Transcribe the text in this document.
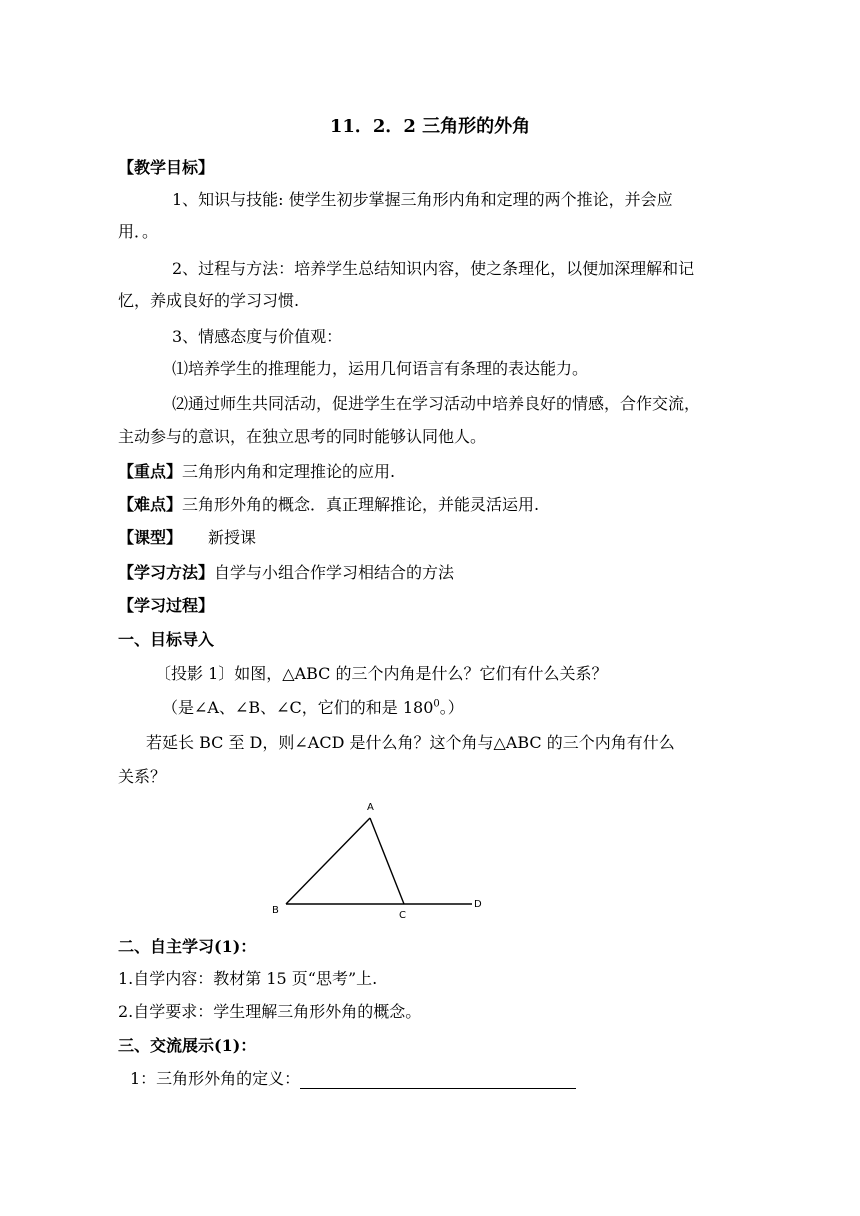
11．2．2 三角形的外角
【教学目标】
1、知识与技能: 使学生初步掌握三角形内角和定理的两个推论，并会应
用．。
2、过程与方法：培养学生总结知识内容，使之条理化，以便加深理解和记
忆，养成良好的学习习惯.
3、情感态度与价值观：
⑴培养学生的推理能力，运用几何语言有条理的表达能力。
⑵通过师生共同活动，促进学生在学习活动中培养良好的情感，合作交流，
主动参与的意识，在独立思考的同时能够认同他人。
【重点】三角形内角和定理推论的应用.
【难点】三角形外角的概念．真正理解推论，并能灵活运用.
【课型】 新授课
【学习方法】自学与小组合作学习相结合的方法
【学习过程】
一、目标导入
〔投影 1〕如图，△ABC 的三个内角是什么？它们有什么关系？
（是∠A、∠B、∠C，它们的和是 $180^0$。）
若延长 BC 至 D，则∠ACD 是什么角？这个角与△ABC 的三个内角有什么
关系？
A
B	C
D
二、自主学习(1)：
1.自学内容：教材第 15 页“思考”上.
2.自学要求：学生理解三角形外角的概念。
三、交流展示(1)：
1：三角形外角的定义：
